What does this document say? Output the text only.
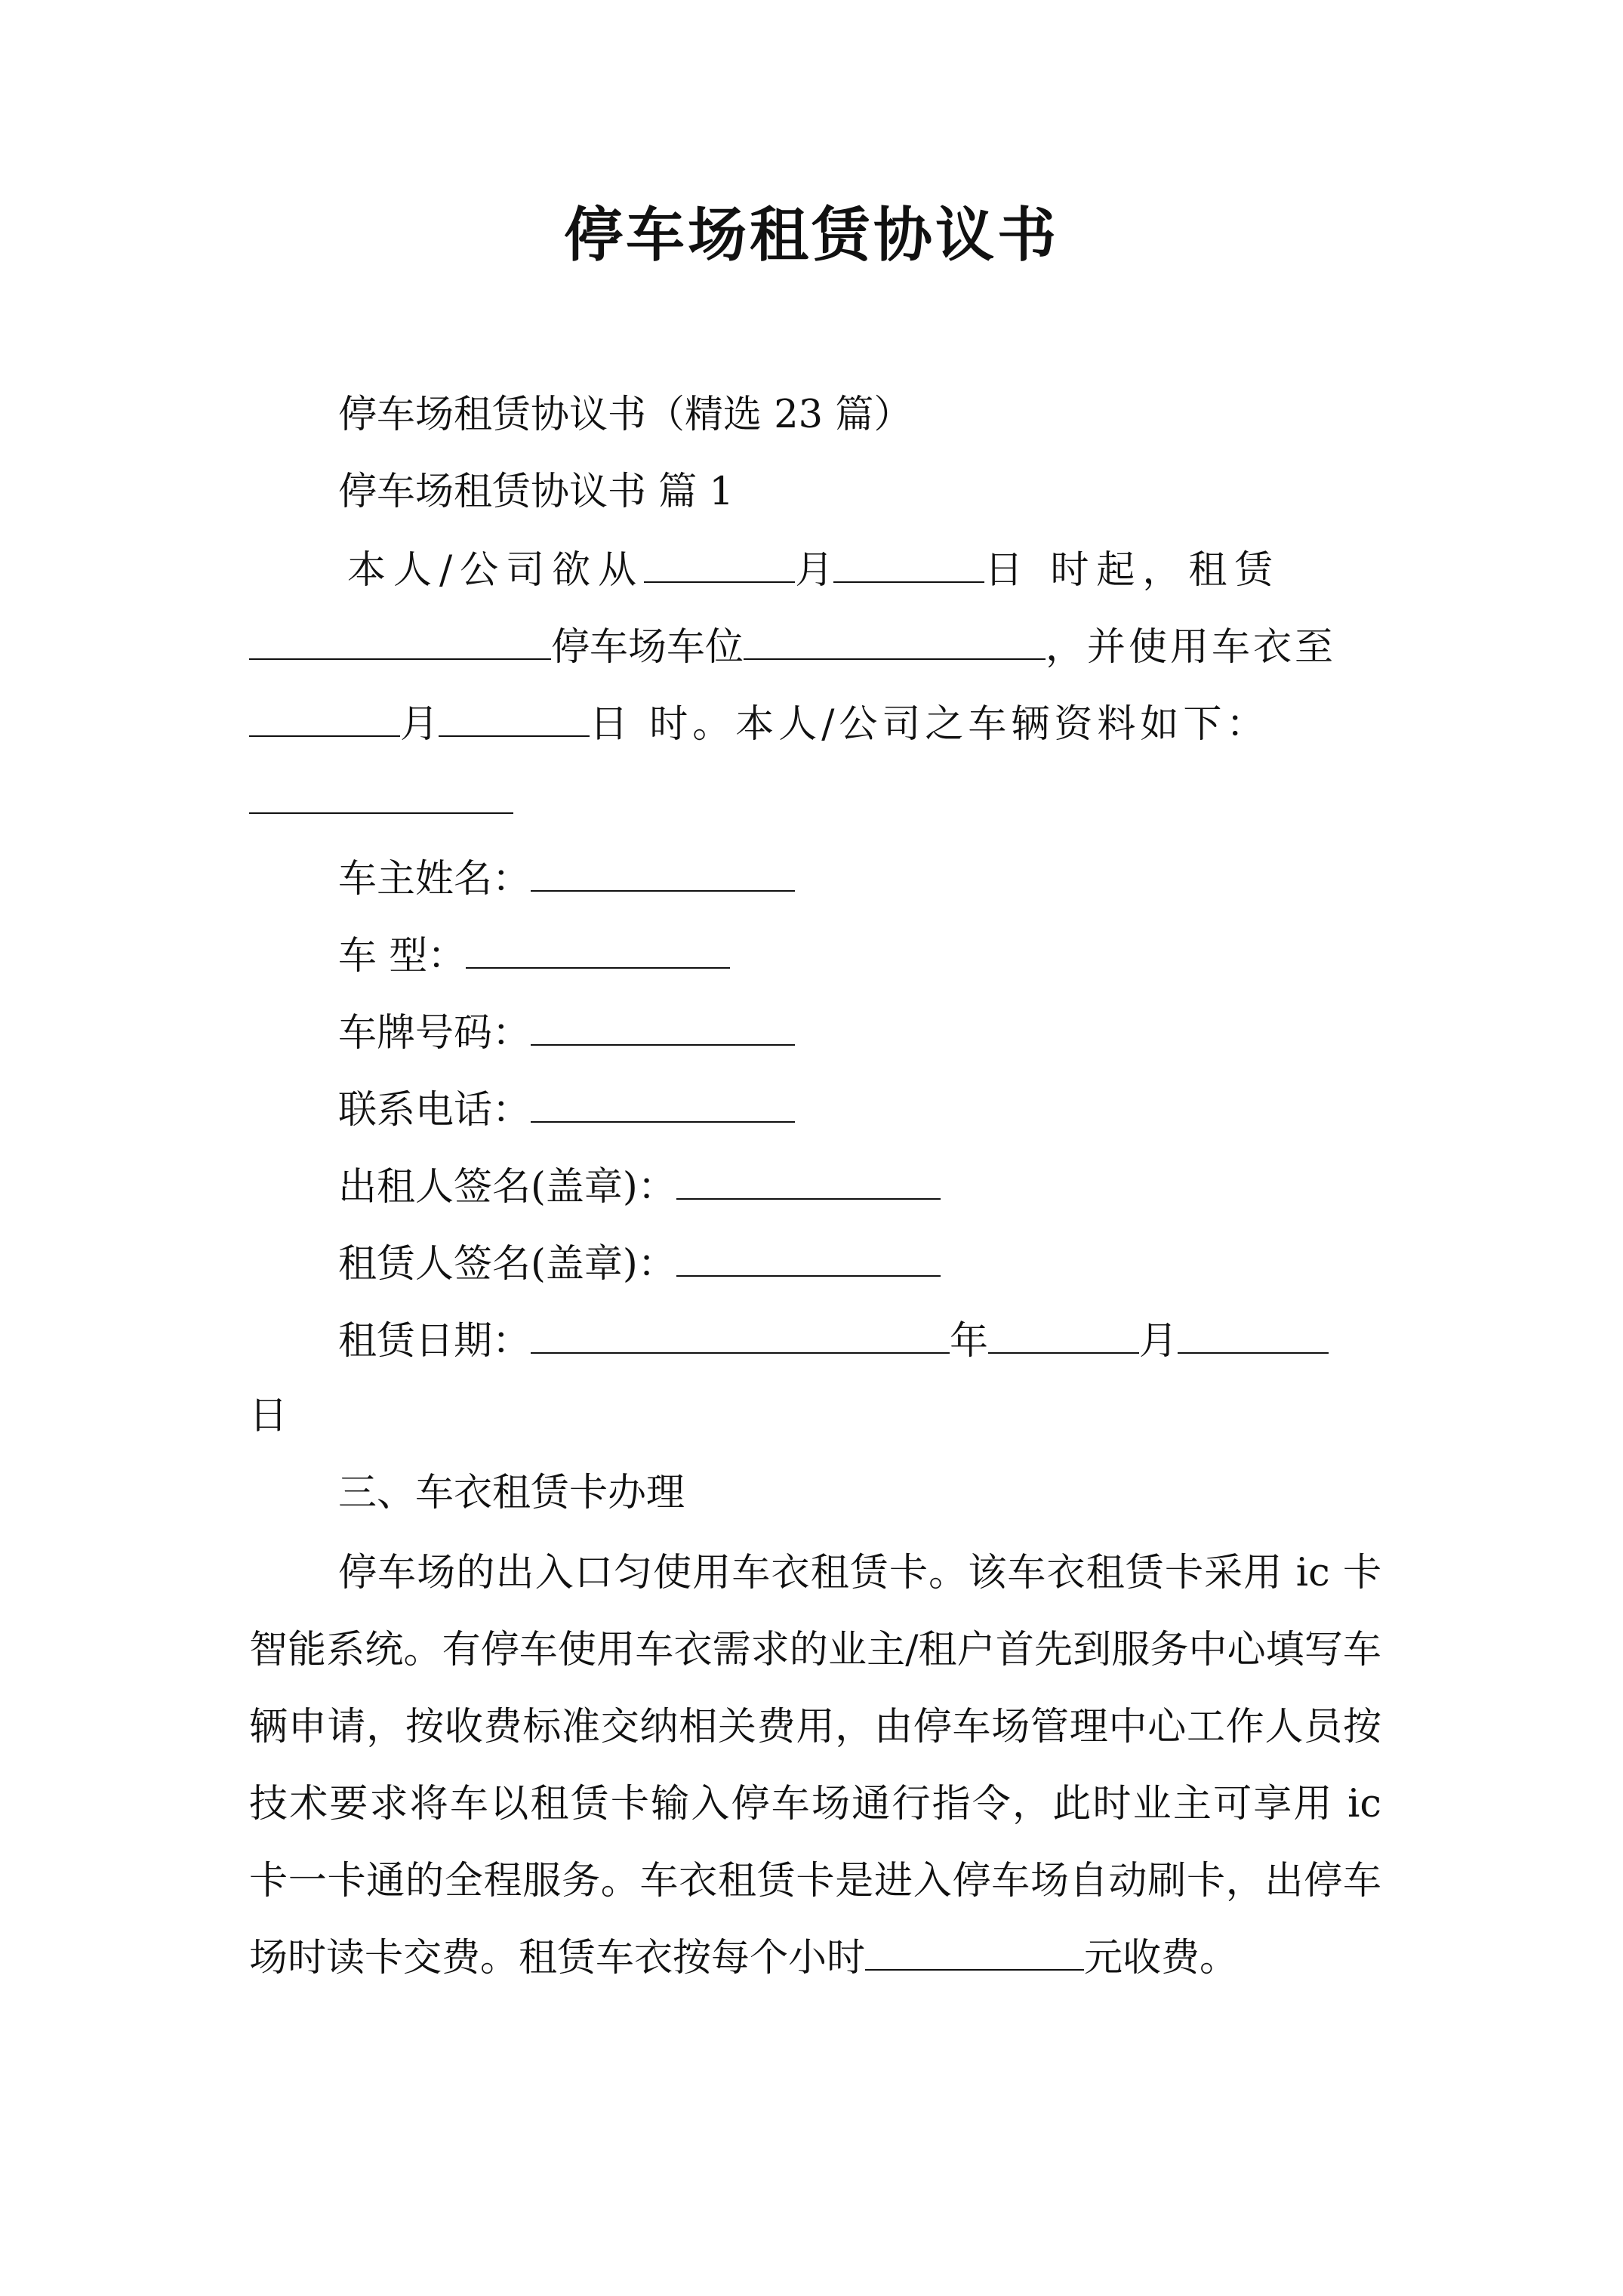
停车场租赁协议书
停车场租赁协议书（精选 23 篇）
停车场租赁协议书 篇 1
本人/公司欲从	月	日 时起，租赁
停车场车位	，并使用车衣至
月	日 时。本人/公司之车辆资料如下：
车主姓名：
车 型：
车牌号码：
联系电话：
出租人签名(盖章)：
租赁人签名(盖章)：
租赁日期：	年	月
日
三、车衣租赁卡办理
停车场的出入口匀使用车衣租赁卡。该车衣租赁卡采用 ic 卡智能系统。有停车使用车衣需求的业主/租户首先到服务中心填写车辆申请，按收费标准交纳相关费用，由停车场管理中心工作人员按技术要求将车以租赁卡输入停车场通行指令，此时业主可享用 ic 卡一卡通的全程服务。车衣租赁卡是进入停车场自动刷卡，出停车场时读卡交费。租赁车衣按每个小时	元收费。
